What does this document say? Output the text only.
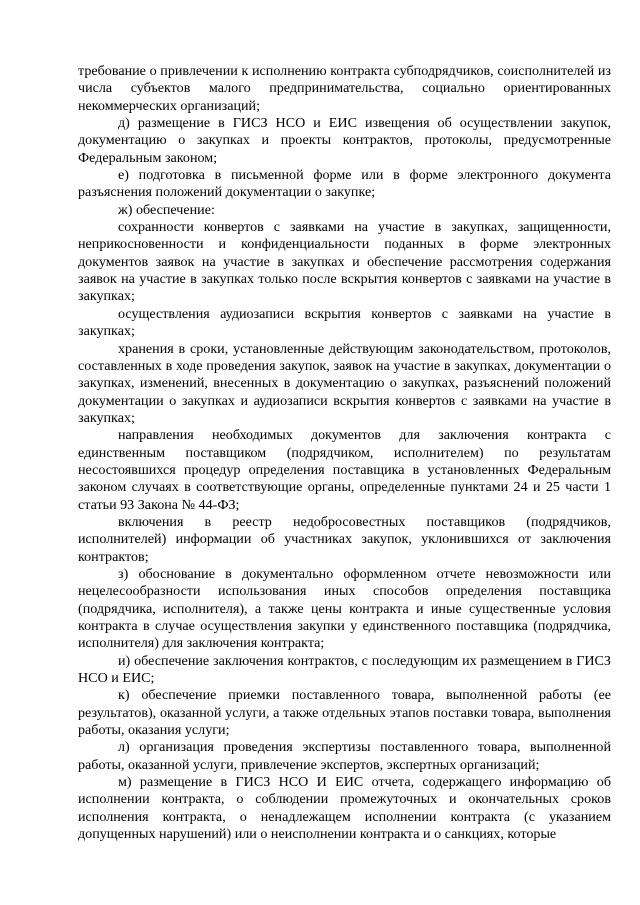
требование о привлечении к исполнению контракта субподрядчиков, соисполнителей из числа субъектов малого предпринимательства, социально ориентированных некоммерческих организаций;

д) размещение в ГИСЗ НСО и ЕИС извещения об осуществлении закупок, документацию о закупках и проекты контрактов, протоколы, предусмотренные Федеральным законом;

е) подготовка в письменной форме или в форме электронного документа разъяснения положений документации о закупке;

ж) обеспечение:

сохранности конвертов с заявками на участие в закупках, защищенности, неприкосновенности и конфиденциальности поданных в форме электронных документов заявок на участие в закупках и обеспечение рассмотрения содержания заявок на участие в закупках только после вскрытия конвертов с заявками на участие в закупках;

осуществления аудиозаписи вскрытия конвертов с заявками на участие в закупках;

хранения в сроки, установленные действующим законодательством, протоколов, составленных в ходе проведения закупок, заявок на участие в закупках, документации о закупках, изменений, внесенных в документацию о закупках, разъяснений положений документации о закупках и аудиозаписи вскрытия конвертов с заявками на участие в закупках;

направления необходимых документов для заключения контракта с единственным поставщиком (подрядчиком, исполнителем) по результатам несостоявшихся процедур определения поставщика в установленных Федеральным законом случаях в соответствующие органы, определенные пунктами 24 и 25 части 1 статьи 93 Закона № 44-ФЗ;

включения в реестр недобросовестных поставщиков (подрядчиков, исполнителей) информации об участниках закупок, уклонившихся от заключения контрактов;

з) обоснование в документально оформленном отчете невозможности или нецелесообразности использования иных способов определения поставщика (подрядчика, исполнителя), а также цены контракта и иные существенные условия контракта в случае осуществления закупки у единственного поставщика (подрядчика, исполнителя) для заключения контракта;

и) обеспечение заключения контрактов, с последующим их размещением в ГИСЗ НСО и ЕИС;

к) обеспечение приемки поставленного товара, выполненной работы (ее результатов), оказанной услуги, а также отдельных этапов поставки товара, выполнения работы, оказания услуги;

л) организация проведения экспертизы поставленного товара, выполненной работы, оказанной услуги, привлечение экспертов, экспертных организаций;

м) размещение в ГИСЗ НСО И ЕИС отчета, содержащего информацию об исполнении контракта, о соблюдении промежуточных и окончательных сроков исполнения контракта, о ненадлежащем исполнении контракта (с указанием допущенных нарушений) или о неисполнении контракта и о санкциях, которые
